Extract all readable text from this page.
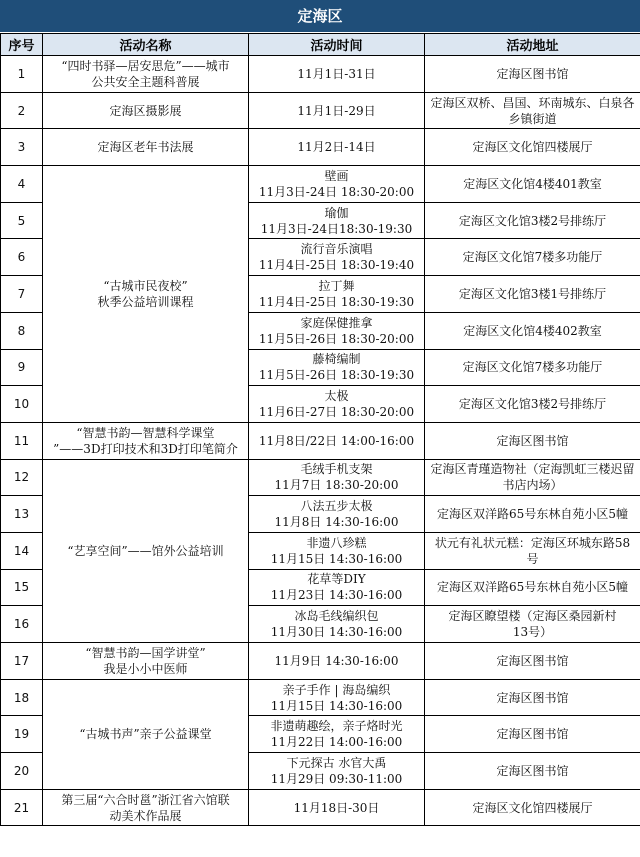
定海区
序号	活动名称	活动时间	活动地址
1	“四时书驿—居安思危”——城市
公共安全主题科普展	11月1日-31日	定海区图书馆

2	定海区摄影展	11月1日-29日	定海区双桥、昌国、环南城东、白泉各
乡镇街道

3	定海区老年书法展	11月2日-14日	定海区文化馆四楼展厅

4	“古城市民夜校”
秋季公益培训课程	壁画
11月3日-24日 18:30-20:00	定海区文化馆4楼401教室

5		瑜伽
11月3日-24日18:30-19:30	定海区文化馆3楼2号排练厅

6		流行音乐演唱
11月4日-25日 18:30-19:40	定海区文化馆7楼多功能厅

7		拉丁舞
11月4日-25日 18:30-19:30	定海区文化馆3楼1号排练厅

8		家庭保健推拿
11月5日-26日 18:30-20:00	定海区文化馆4楼402教室

9		藤椅编制
11月5日-26日 18:30-19:30	定海区文化馆7楼多功能厅

10		太极
11月6日-27日 18:30-20:00	定海区文化馆3楼2号排练厅

11	“智慧书韵—智慧科学课堂
”——3D打印技术和3D打印笔简介	11月8日/22日 14:00-16:00	定海区图书馆

12	“艺享空间”——馆外公益培训	毛绒手机支架
11月7日 18:30-20:00	定海区青瑾造物社（定海凯虹三楼迟留
书店内场）

13		八法五步太极
11月8日 14:30-16:00	定海区双洋路65号东林自苑小区5幢

14		非遗八珍糕
11月15日 14:30-16:00	状元有礼状元糕：定海区环城东路58
号

15		花草等DIY
11月23日 14:30-16:00	定海区双洋路65号东林自苑小区5幢

16		冰岛毛线编织包
11月30日 14:30-16:00	定海区瞭望楼（定海区桑园新村
13号）

17	“智慧书韵—国学讲堂”
我是小小中医师	11月9日 14:30-16:00	定海区图书馆

18	“古城书声”亲子公益课堂	亲子手作 | 海岛编织
11月15日 14:30-16:00	定海区图书馆

19		非遗萌趣绘，亲子烙时光
11月22日 14:00-16:00	定海区图书馆

20		下元探古 水官大禹
11月29日 09:30-11:00	定海区图书馆

21	第三届“六合时邕”浙江省六馆联
动美术作品展	11月18日-30日	定海区文化馆四楼展厅
